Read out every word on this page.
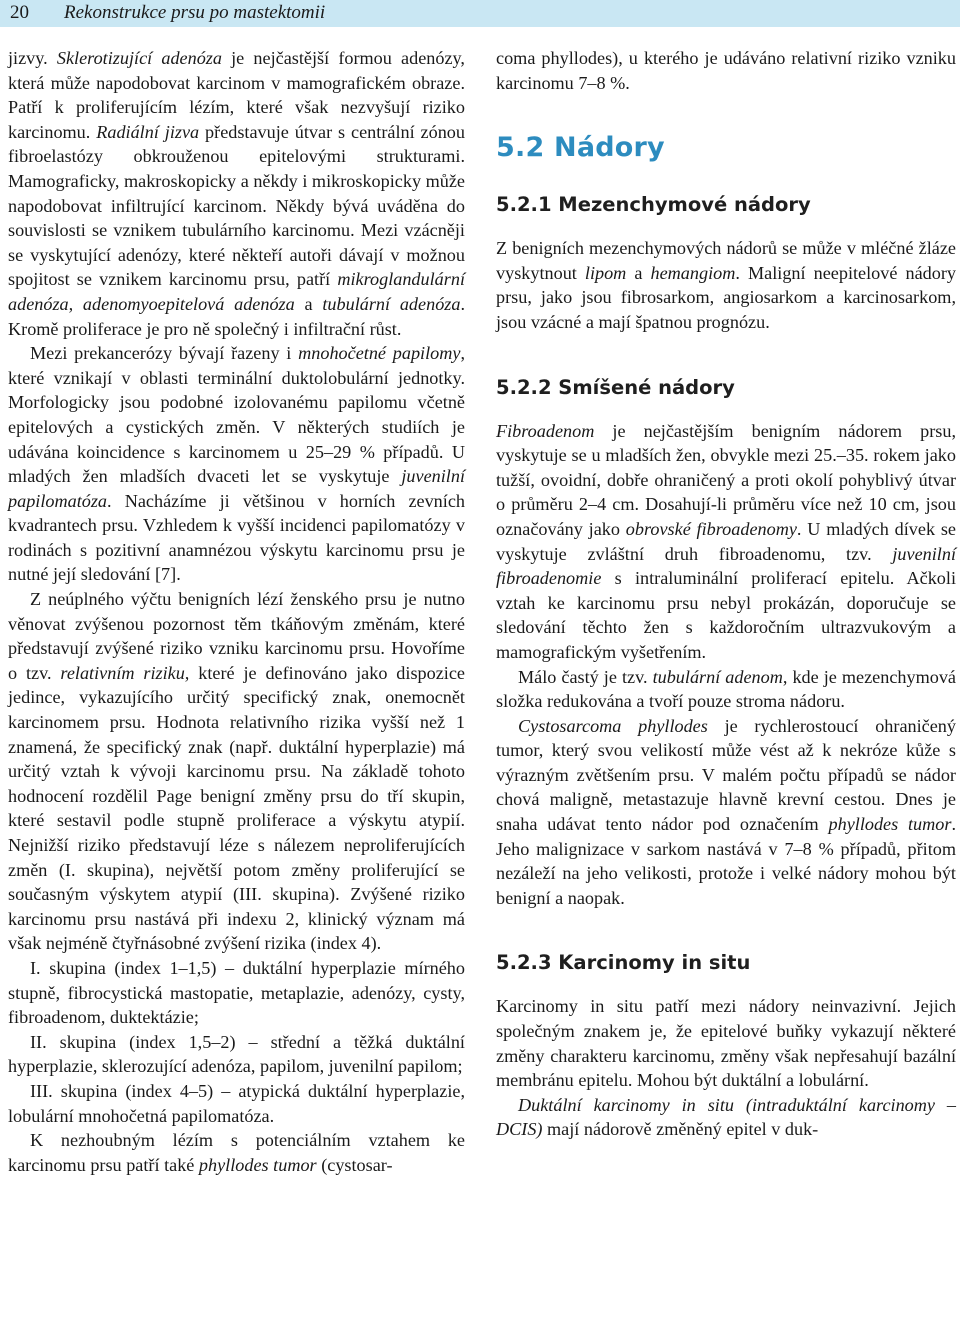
20 Rekonstrukce prsu po mastektomii

jizvy. Sklerotizující adenóza je nejčastější formou adenózy, která může napodobovat karcinom v mamografickém obraze. Patří k proliferujícím lézím, které však nezvyšují riziko karcinomu. Radiální jizva představuje útvar s centrální zónou fibroelastózy obkrouženou epitelovými strukturami. Mamograficky, makroskopicky a někdy i mikroskopicky může napodobovat infiltrující karcinom. Někdy bývá uváděna do souvislosti se vznikem tubulárního karcinomu. Mezi vzácněji se vyskytující adenózy, které někteří autoři dávají v možnou spojitost se vznikem karcinomu prsu, patří mikroglandulární adenóza, adenomyoepitelová adenóza a tubulární adenóza. Kromě proliferace je pro ně společný i infiltrační růst.

Mezi prekancerózy bývají řazeny i mnohočetné papilomy, které vznikají v oblasti terminální duktolobulární jednotky. Morfologicky jsou podobné izolovanému papilomu včetně epitelových a cystických změn. V některých studiích je udávána koincidence s karcinomem u 25–29 % případů. U mladých žen mladších dvaceti let se vyskytuje juvenilní papilomatóza. Nacházíme ji většinou v horních zevních kvadrantech prsu. Vzhledem k vyšší incidenci papilomatózy v rodinách s pozitivní anamnézou výskytu karcinomu prsu je nutné její sledování [7].

Z neúplného výčtu benigních lézí ženského prsu je nutno věnovat zvýšenou pozornost těm tkáňovým změnám, které představují zvýšené riziko vzniku karcinomu prsu. Hovoříme o tzv. relativním riziku, které je definováno jako dispozice jedince, vykazujícího určitý specifický znak, onemocnět karcinomem prsu. Hodnota relativního rizika vyšší než 1 znamená, že specifický znak (např. duktální hyperplazie) má určitý vztah k vývoji karcinomu prsu. Na základě tohoto hodnocení rozdělil Page benigní změny prsu do tří skupin, které sestavil podle stupně proliferace a výskytu atypií. Nejnižší riziko představují léze s nálezem neproliferujících změn (I. skupina), největší potom změny proliferující se současným výskytem atypií (III. skupina). Zvýšené riziko karcinomu prsu nastává při indexu 2, klinický význam má však nejméně čtyřnásobné zvýšení rizika (index 4).

I. skupina (index 1–1,5) – duktální hyperplazie mírného stupně, fibrocystická mastopatie, metaplazie, adenózy, cysty, fibroadenom, duktektázie;

II. skupina (index 1,5–2) – střední a těžká duktální hyperplazie, sklerozující adenóza, papilom, juvenilní papilom;

III. skupina (index 4–5) – atypická duktální hyperplazie, lobulární mnohočetná papilomatóza.

K nezhoubným lézím s potenciálním vztahem ke karcinomu prsu patří také phyllodes tumor (cystosar-

coma phyllodes), u kterého je udáváno relativní riziko vzniku karcinomu 7–8 %.

5.2 Nádory
5.2.1 Mezenchymové nádory

Z benigních mezenchymových nádorů se může v mléčné žláze vyskytnout lipom a hemangiom. Maligní neepitelové nádory prsu, jako jsou fibrosarkom, angiosarkom a karcinosarkom, jsou vzácné a mají špatnou prognózu.

5.2.2 Smíšené nádory

Fibroadenom je nejčastějším benigním nádorem prsu, vyskytuje se u mladších žen, obvykle mezi 25.–35. rokem jako tužší, ovoidní, dobře ohraničený a proti okolí pohyblivý útvar o průměru 2–4 cm. Dosahují-li průměru více než 10 cm, jsou označovány jako obrovské fibroadenomy. U mladých dívek se vyskytuje zvláštní druh fibroadenomu, tzv. juvenilní fibroadenomie s intraluminální proliferací epitelu. Ačkoli vztah ke karcinomu prsu nebyl prokázán, doporučuje se sledování těchto žen s každoročním ultrazvukovým a mamografickým vyšetřením.

Málo častý je tzv. tubulární adenom, kde je mezenchymová složka redukována a tvoří pouze stroma nádoru.

Cystosarcoma phyllodes je rychlerostoucí ohraničený tumor, který svou velikostí může vést až k nekróze kůže s výrazným zvětšením prsu. V malém počtu případů se nádor chová maligně, metastazuje hlavně krevní cestou. Dnes je snaha udávat tento nádor pod označením phyllodes tumor. Jeho malignizace v sarkom nastává v 7–8 % případů, přitom nezáleží na jeho velikosti, protože i velké nádory mohou být benigní a naopak.

5.2.3 Karcinomy in situ

Karcinomy in situ patří mezi nádory neinvazivní. Jejich společným znakem je, že epitelové buňky vykazují některé změny charakteru karcinomu, změny však nepřesahují bazální membránu epitelu. Mohou být duktální a lobulární.

Duktální karcinomy in situ (intraduktální karcinomy – DCIS) mají nádorově změněný epitel v duk-
